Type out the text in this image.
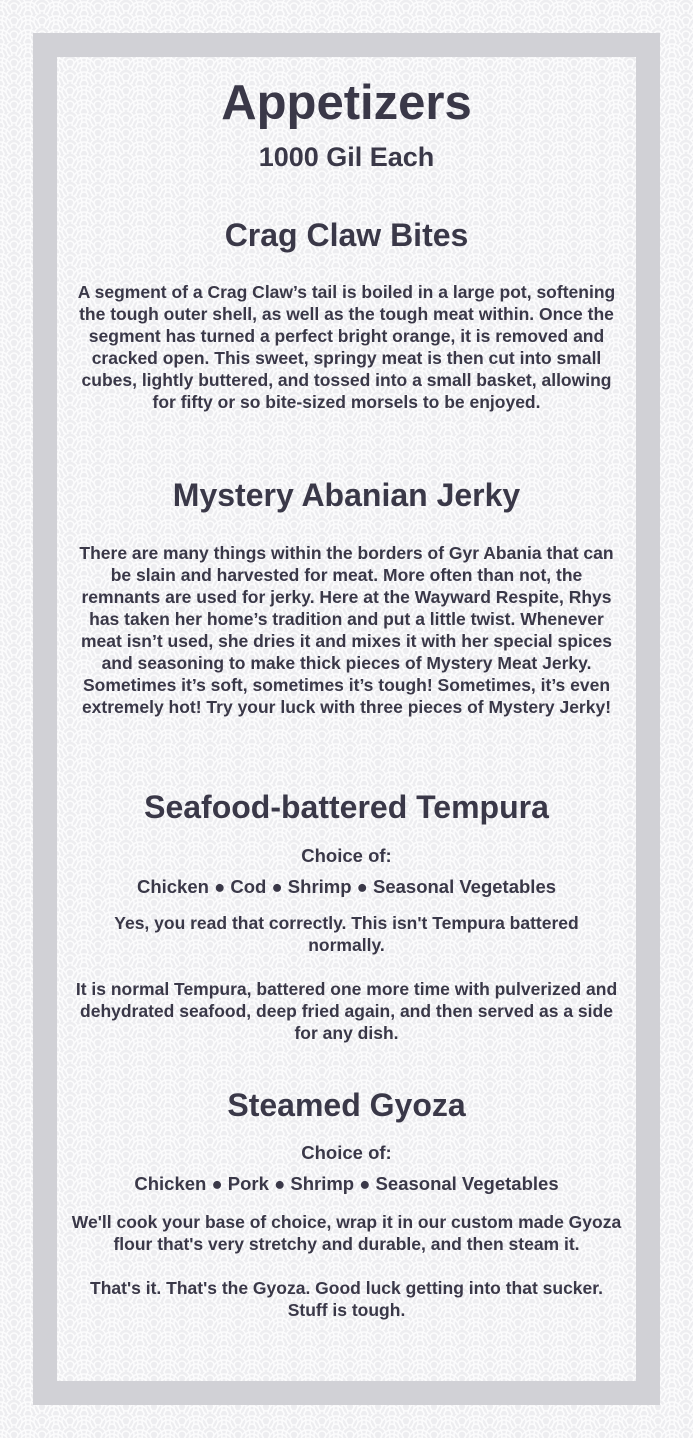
Appetizers
1000 Gil Each
Crag Claw Bites

A segment of a Crag Claw’s tail is boiled in a large pot, softening the tough outer shell, as well as the tough meat within. Once the segment has turned a perfect bright orange, it is removed and cracked open. This sweet, springy meat is then cut into small cubes, lightly buttered, and tossed into a small basket, allowing for fifty or so bite-sized morsels to be enjoyed.

Mystery Abanian Jerky

There are many things within the borders of Gyr Abania that can be slain and harvested for meat. More often than not, the remnants are used for jerky. Here at the Wayward Respite, Rhys has taken her home’s tradition and put a little twist. Whenever meat isn’t used, she dries it and mixes it with her special spices and seasoning to make thick pieces of Mystery Meat Jerky. Sometimes it’s soft, sometimes it’s tough! Sometimes, it’s even extremely hot! Try your luck with three pieces of Mystery Jerky!

Seafood-battered Tempura

Choice of:

Chicken ● Cod ● Shrimp ● Seasonal Vegetables

Yes, you read that correctly. This isn't Tempura battered normally.

It is normal Tempura, battered one more time with pulverized and dehydrated seafood, deep fried again, and then served as a side for any dish.

Steamed Gyoza

Choice of:

Chicken ● Pork ● Shrimp ● Seasonal Vegetables

We'll cook your base of choice, wrap it in our custom made Gyoza flour that's very stretchy and durable, and then steam it.

That's it. That's the Gyoza. Good luck getting into that sucker. Stuff is tough.
